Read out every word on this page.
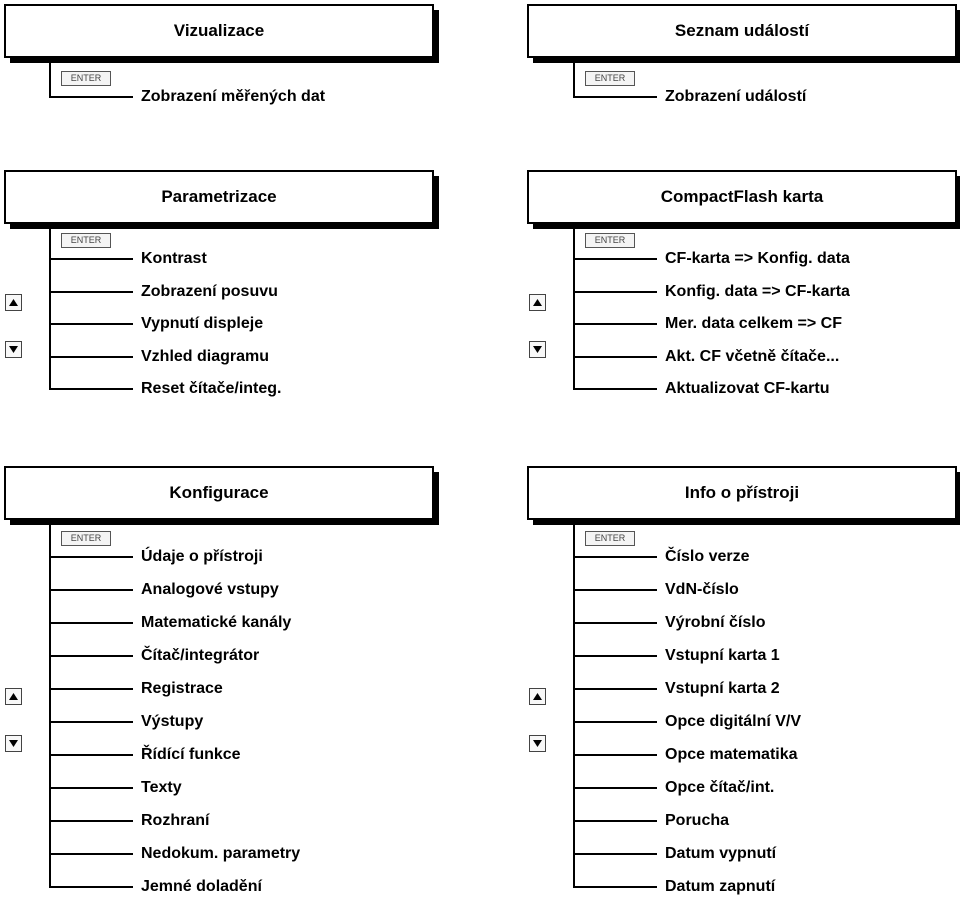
Vizualizace
ENTER
Zobrazení měřených dat
Seznam událostí
ENTER
Zobrazení událostí
Parametrizace
ENTER
Kontrast
Zobrazení posuvu
Vypnutí displeje
Vzhled diagramu
Reset čítače/integ.
CompactFlash karta
ENTER
CF-karta => Konfig. data
Konfig. data => CF-karta
Mer. data celkem => CF
Akt. CF včetně čítače...
Aktualizovat CF-kartu
Konfigurace
ENTER
Údaje o přístroji
Analogové vstupy
Matematické kanály
Čítač/integrátor
Registrace
Výstupy
Řídící funkce
Texty
Rozhraní
Nedokum. parametry
Jemné doladění
Info o přístroji
ENTER
Číslo verze
VdN-číslo
Výrobní číslo
Vstupní karta 1
Vstupní karta 2
Opce digitální V/V
Opce matematika
Opce čítač/int.
Porucha
Datum vypnutí
Datum zapnutí
